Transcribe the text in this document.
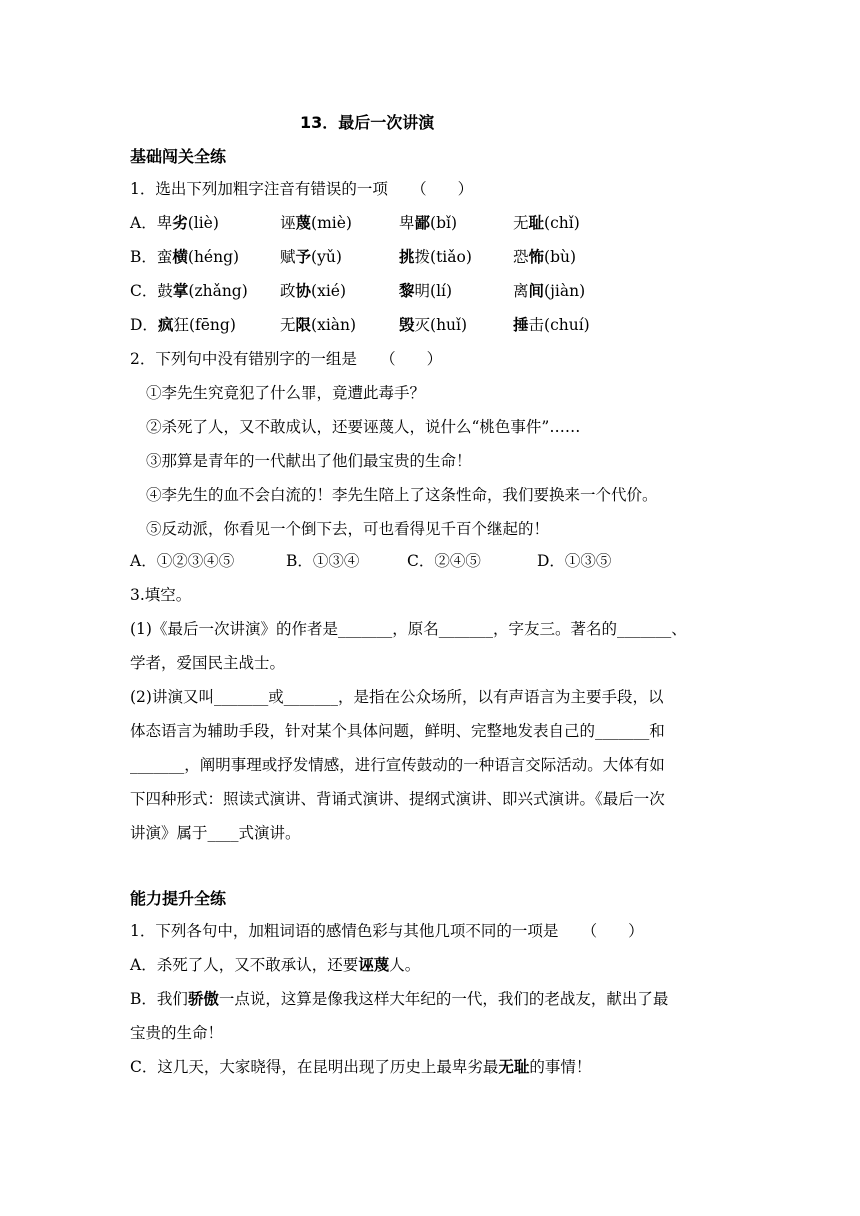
13．最后一次讲演
基础闯关全练
1．选出下列加粗字注音有错误的一项　　（　　）
A．卑劣(liè)	诬蔑(miè)	卑鄙(bǐ)	无耻(chǐ)
B．蛮横(héng)	赋予(yǔ)	挑拨(tiǎo)	恐怖(bù)
C．鼓掌(zhǎng) 政协(xié)	黎明(lí)	离间(jiàn)
D．疯狂(fēng)	无限(xiàn)	毁灭(huǐ)	捶击(chuí)
2．下列句中没有错别字的一组是　　（　　）
①李先生究竟犯了什么罪，竟遭此毒手？
②杀死了人，又不敢成认，还要诬蔑人，说什么“桃色事件”……
③那算是青年的一代献出了他们最宝贵的生命！
④李先生的血不会白流的！李先生陪上了这条性命，我们要换来一个代价。
⑤反动派，你看见一个倒下去，可也看得见千百个继起的！
A．①②③④⑤	B．①③④	C．②④⑤	D．①③⑤
3.填空。
(1)《最后一次讲演》的作者是_______，原名_______，字友三。著名的_______、
学者，爱国民主战士。
(2)讲演又叫_______或_______，是指在公众场所，以有声语言为主要手段，以
体态语言为辅助手段，针对某个具体问题，鲜明、完整地发表自己的_______和
_______，阐明事理或抒发情感，进行宣传鼓动的一种语言交际活动。大体有如
下四种形式：照读式演讲、背诵式演讲、提纲式演讲、即兴式演讲。《最后一次
讲演》属于____式演讲。
能力提升全练
1．下列各句中，加粗词语的感情色彩与其他几项不同的一项是　　（　　）
A．杀死了人，又不敢承认，还要诬蔑人。
B．我们骄傲一点说，这算是像我这样大年纪的一代，我们的老战友，献出了最
宝贵的生命！
C．这几天，大家晓得，在昆明出现了历史上最卑劣最无耻的事情！
